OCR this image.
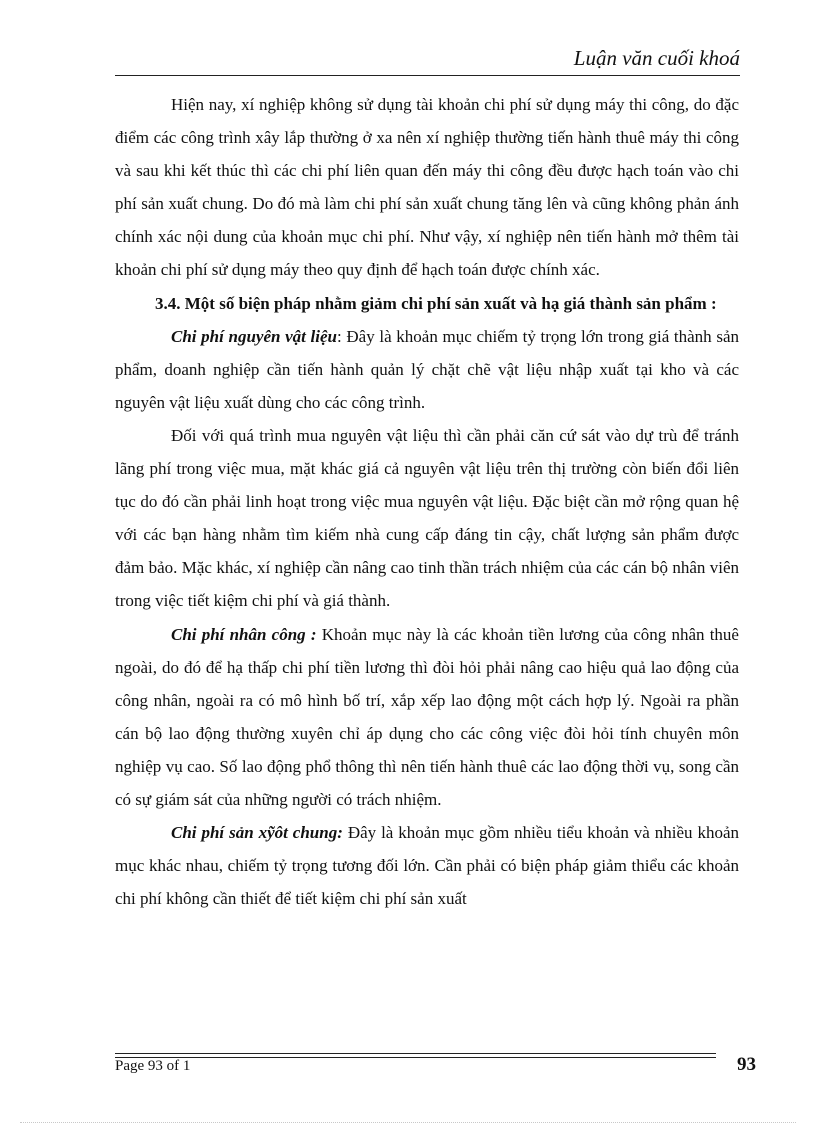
Luận văn cuối khoá

Hiện nay, xí nghiệp không sử dụng tài khoản chi phí sử dụng máy thi công, do đặc điểm các công trình xây lắp thường ở xa nên xí nghiệp thường tiến hành thuê máy thi công và sau khi kết thúc thì các chi phí liên quan đến máy thi công đều được hạch toán vào chi phí sản xuất chung. Do đó mà làm chi phí sản xuất chung tăng lên và cũng không phản ánh chính xác nội dung của khoản mục chi phí. Như vậy, xí nghiệp nên tiến hành mở thêm tài khoản chi phí sử dụng máy theo quy định để hạch toán được chính xác.

3.4. Một số biện pháp nhằm giảm chi phí sản xuất và hạ giá thành sản phẩm :

Chi phí nguyên vật liệu: Đây là khoản mục chiếm tỷ trọng lớn trong giá thành sản phẩm, doanh nghiệp cần tiến hành quản lý chặt chẽ vật liệu nhập xuất tại kho và các nguyên vật liệu xuất dùng cho các công trình.

Đối với quá trình mua nguyên vật liệu thì cần phải căn cứ sát vào dự trù để tránh lãng phí trong việc mua, mặt khác giá cả nguyên vật liệu trên thị trường còn biến đổi liên tục do đó cần phải linh hoạt trong việc mua nguyên vật liệu. Đặc biệt cần mở rộng quan hệ với các bạn hàng nhằm tìm kiếm nhà cung cấp đáng tin cậy, chất lượng sản phẩm được đảm bảo. Mặc khác, xí nghiệp cần nâng cao tinh thần trách nhiệm của các cán bộ nhân viên trong việc tiết kiệm chi phí và giá thành.

Chi phí nhân công : Khoản mục này là các khoản tiền lương của công nhân thuê ngoài, do đó để hạ thấp chi phí tiền lương thì đòi hỏi phải nâng cao hiệu quả lao động của công nhân, ngoài ra có mô hình bố trí, xắp xếp lao động một cách hợp lý. Ngoài ra phần cán bộ lao động thường xuyên chỉ áp dụng cho các công việc đòi hỏi tính chuyên môn nghiệp vụ cao. Số lao động phổ thông thì nên tiến hành thuê các lao động thời vụ, song cần có sự giám sát của những người có trách nhiệm.

Chi phí sản xỹôt chung: Đây là khoản mục gồm nhiều tiểu khoản và nhiều khoản mục khác nhau, chiếm tỷ trọng tương đối lớn. Cần phải có biện pháp giảm thiểu các khoản chi phí không cần thiết để tiết kiệm chi phí sản xuất

Page 93 of 1	93
